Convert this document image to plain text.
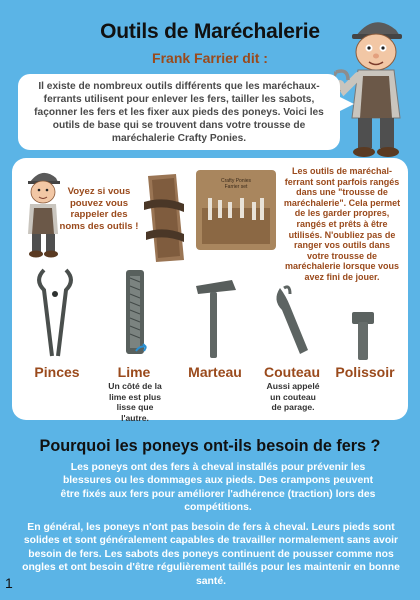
Outils de Maréchalerie
Frank Farrier dit :
Il existe de nombreux outils différents que les maréchaux-ferrants utilisent pour enlever les fers, tailler les sabots, façonner les fers et les fixer aux pieds des poneys. Voici les outils de base qui se trouvent dans votre trousse de maréchalerie Crafty Ponies.
Voyez si vous pouvez vous rappeler des noms des outils !
Crafty Ponies
Farrier set
Les outils de maréchal-ferrant sont parfois rangés dans une "trousse de maréchalerie". Cela permet de les garder propres, rangés et prêts à être utilisés. N'oubliez pas de ranger vos outils dans votre trousse de maréchalerie lorsque vous avez fini de jouer.
Pinces	Lime	Marteau	Couteau	Polissoir
Un côté de la lime est plus lisse que l'autre.
Aussi appelé un couteau de parage.
Pourquoi les poneys ont-ils besoin de fers ?
Les poneys ont des fers à cheval installés pour prévenir les blessures ou les dommages aux pieds. Des crampons peuvent être fixés aux fers pour améliorer l'adhérence (traction) lors des compétitions.
En général, les poneys n'ont pas besoin de fers à cheval. Leurs pieds sont solides et sont généralement capables de travailler normalement sans avoir besoin de fers. Les sabots des poneys continuent de pousser comme nos ongles et ont besoin d'être régulièrement taillés pour les maintenir en bonne santé.
1
